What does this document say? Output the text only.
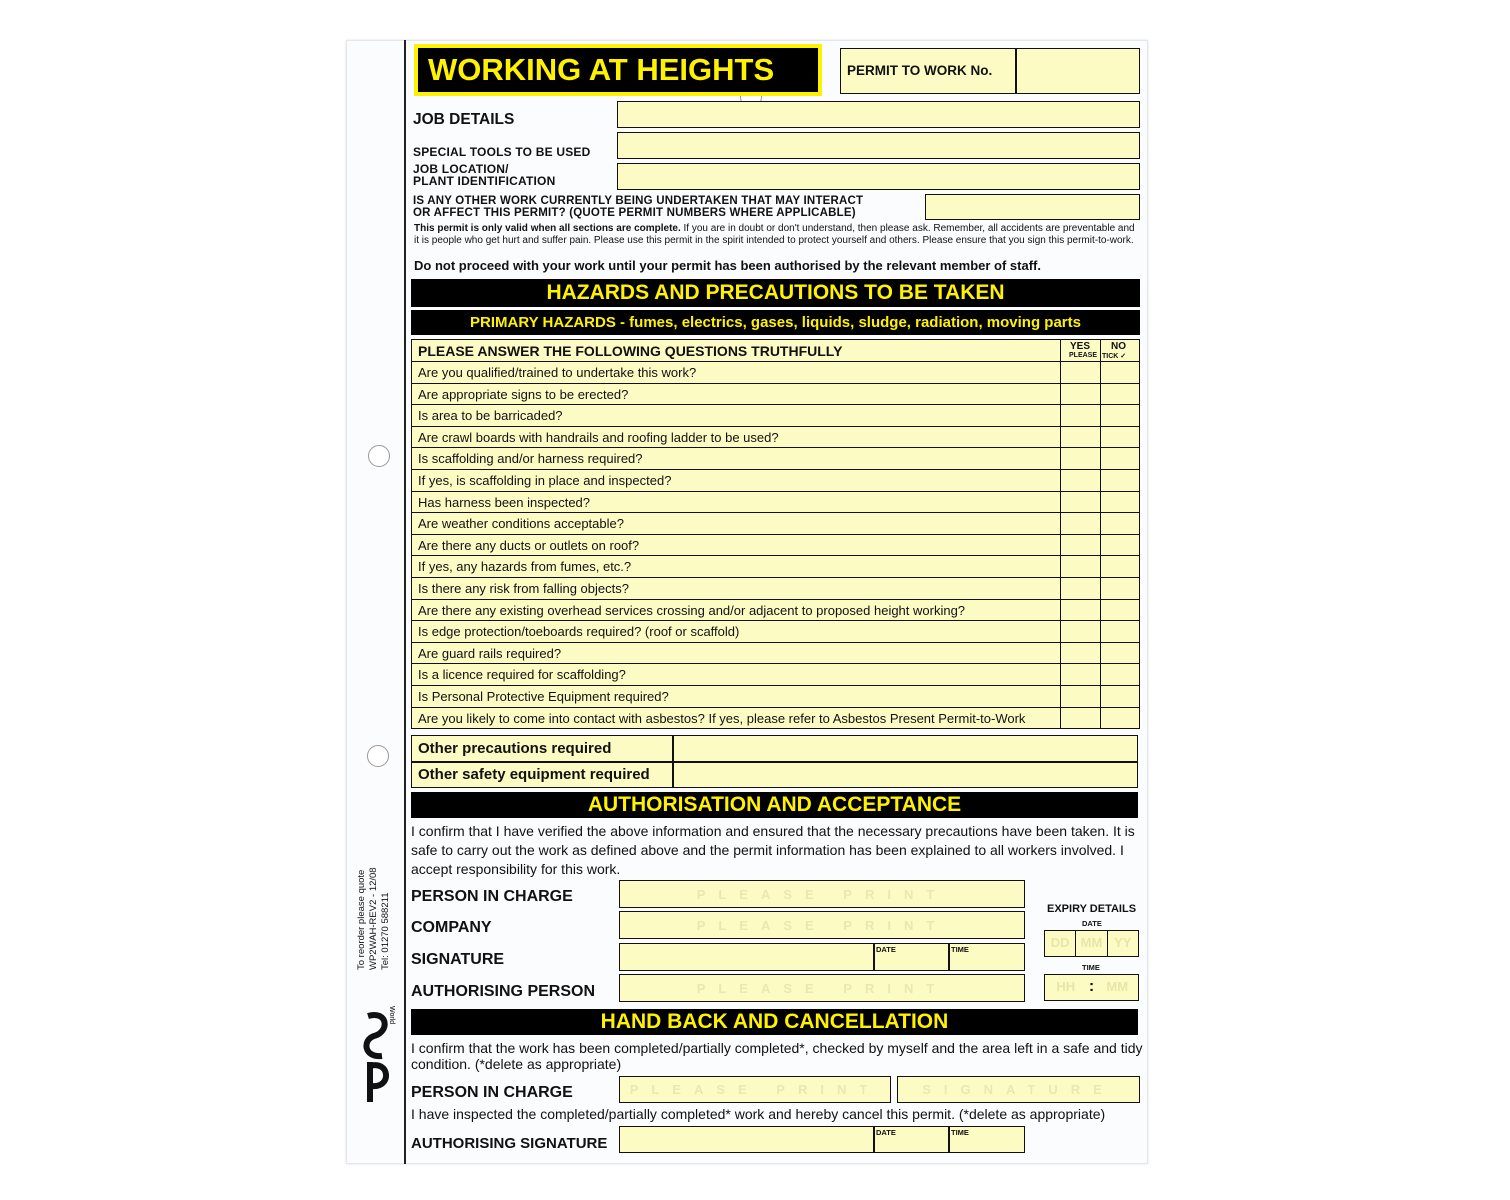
To reorder please quote WP2WAH-REV2 - 12/08 Tel: 01270 588211
World
WORKING AT HEIGHTS	PERMIT TO WORK No.
JOB DETAILS
SPECIAL TOOLS TO BE USED
JOB LOCATION/
PLANT IDENTIFICATION
IS ANY OTHER WORK CURRENTLY BEING UNDERTAKEN THAT MAY INTERACT
OR AFFECT THIS PERMIT? (QUOTE PERMIT NUMBERS WHERE APPLICABLE)
This permit is only valid when all sections are complete. If you are in doubt or don't understand, then please ask. Remember, all accidents are preventable and it is people who get hurt and suffer pain. Please use this permit in the spirit intended to protect yourself and others. Please ensure that you sign this permit-to-work.
Do not proceed with your work until your permit has been authorised by the relevant member of staff.
HAZARDS AND PRECAUTIONS TO BE TAKEN
PRIMARY HAZARDS - fumes, electrics, gases, liquids, sludge, radiation, moving parts
PLEASE ANSWER THE FOLLOWING QUESTIONS TRUTHFULLY	YES NO
PLEASE TICK ✓
Are you qualified/trained to undertake this work?
Are appropriate signs to be erected?
Is area to be barricaded?
Are crawl boards with handrails and roofing ladder to be used?
Is scaffolding and/or harness required?
If yes, is scaffolding in place and inspected?
Has harness been inspected?
Are weather conditions acceptable?
Are there any ducts or outlets on roof?
If yes, any hazards from fumes, etc.?
Is there any risk from falling objects?
Are there any existing overhead services crossing and/or adjacent to proposed height working?
Is edge protection/toeboards required? (roof or scaffold)
Are guard rails required?
Is a licence required for scaffolding?
Is Personal Protective Equipment required?
Are you likely to come into contact with asbestos? If yes, please refer to Asbestos Present Permit-to-Work
Other precautions required
Other safety equipment required
AUTHORISATION AND ACCEPTANCE
I confirm that I have verified the above information and ensured that the necessary precautions have been taken. It is safe to carry out the work as defined above and the permit information has been explained to all workers involved. I accept responsibility for this work.
PERSON IN CHARGE	PLEASE PRINT
COMPANY	PLEASE PRINT
SIGNATURE
DATE	TIME
AUTHORISING PERSON	PLEASE PRINT
EXPIRY DETAILS
DATE
DD MM YY
TIME
HH : MM
HAND BACK AND CANCELLATION
I confirm that the work has been completed/partially completed*, checked by myself and the area left in a safe and tidy condition. (*delete as appropriate)
PERSON IN CHARGE	PLEASE PRINT	SIGNATURE
I have inspected the completed/partially completed* work and hereby cancel this permit. (*delete as appropriate)
AUTHORISING SIGNATURE
DATE	TIME
